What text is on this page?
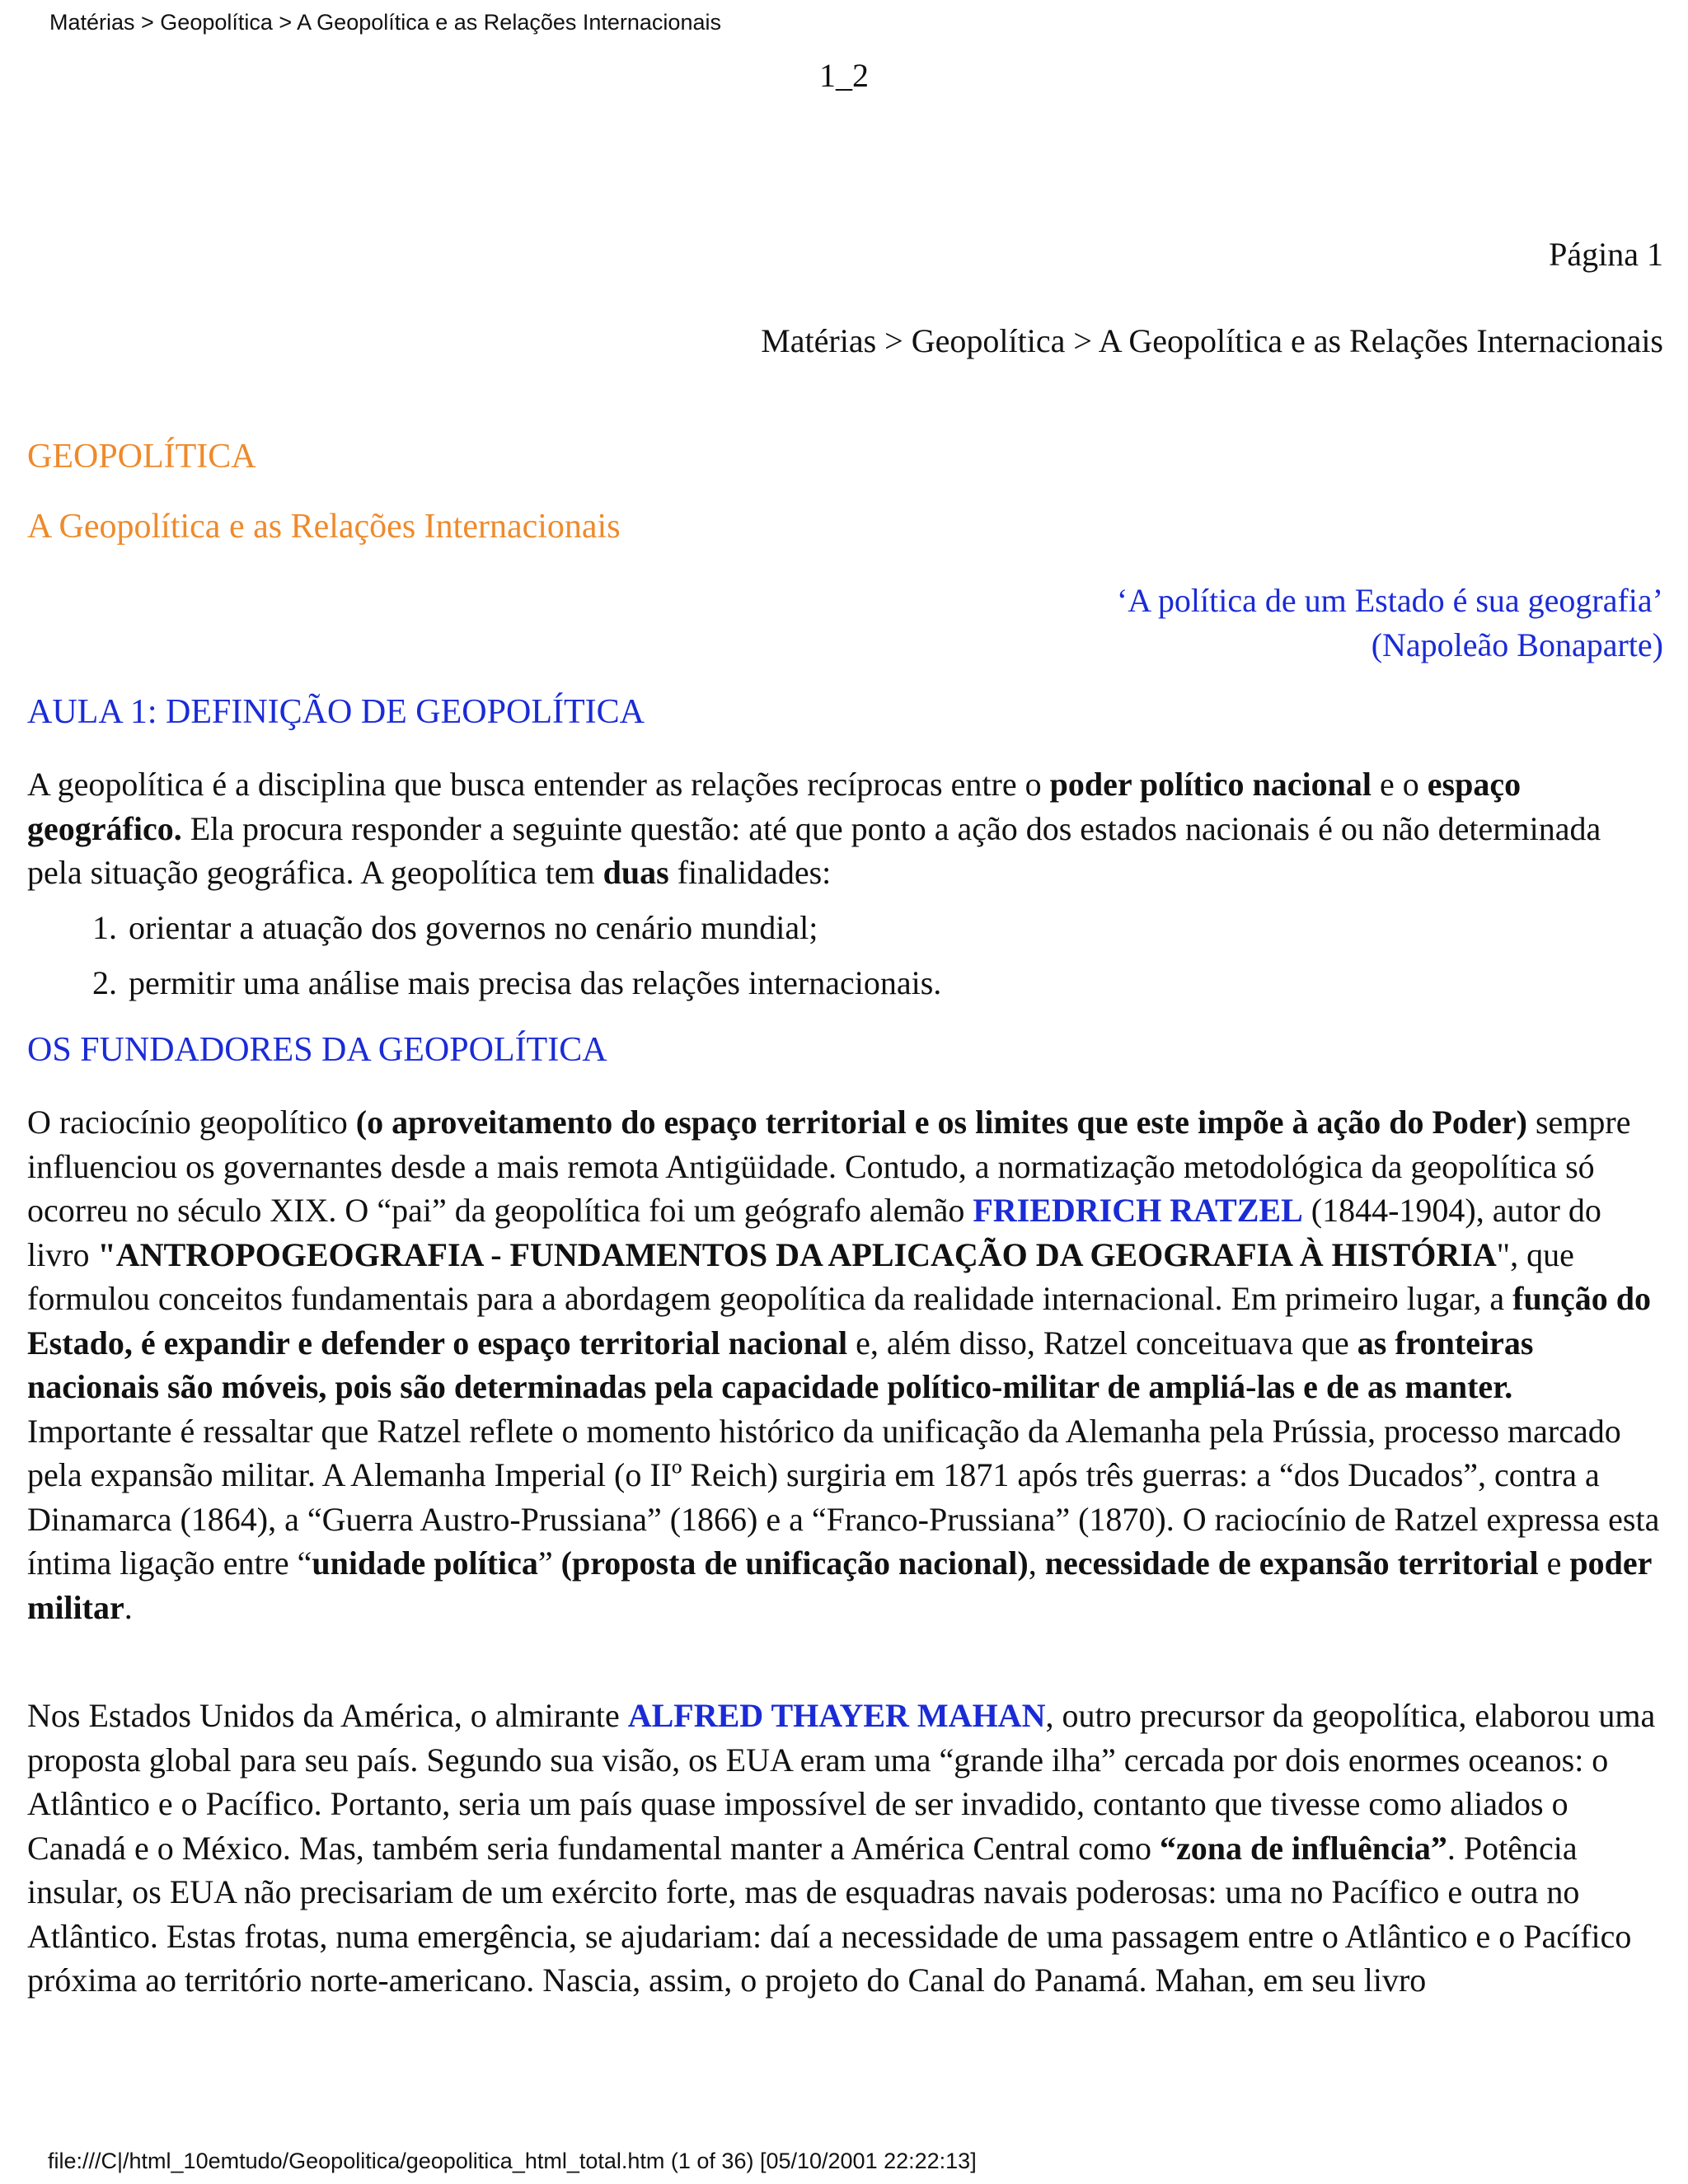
Matérias > Geopolítica > A Geopolítica e as Relações Internacionais
1_2
Página 1
Matérias > Geopolítica > A Geopolítica e as Relações Internacionais
GEOPOLÍTICA
A Geopolítica e as Relações Internacionais
‘A política de um Estado é sua geografia’
(Napoleão Bonaparte)
AULA 1: DEFINIÇÃO DE GEOPOLÍTICA
A geopolítica é a disciplina que busca entender as relações recíprocas entre o poder político nacional e o espaço geográfico. Ela procura responder a seguinte questão: até que ponto a ação dos estados nacionais é ou não determinada pela situação geográfica. A geopolítica tem duas finalidades:
1. orientar a atuação dos governos no cenário mundial;
2. permitir uma análise mais precisa das relações internacionais.
OS FUNDADORES DA GEOPOLÍTICA
O raciocínio geopolítico (o aproveitamento do espaço territorial e os limites que este impõe à ação do Poder) sempre influenciou os governantes desde a mais remota Antigüidade. Contudo, a normatização metodológica da geopolítica só ocorreu no século XIX. O “pai” da geopolítica foi um geógrafo alemão FRIEDRICH RATZEL (1844-1904), autor do livro "ANTROPOGEOGRAFIA - FUNDAMENTOS DA APLICAÇÃO DA GEOGRAFIA À HISTÓRIA", que formulou conceitos fundamentais para a abordagem geopolítica da realidade internacional. Em primeiro lugar, a função do Estado, é expandir e defender o espaço territorial nacional e, além disso, Ratzel conceituava que as fronteiras nacionais são móveis, pois são determinadas pela capacidade político-militar de ampliá-las e de as manter. Importante é ressaltar que Ratzel reflete o momento histórico da unificação da Alemanha pela Prússia, processo marcado pela expansão militar. A Alemanha Imperial (o IIº Reich) surgiria em 1871 após três guerras: a “dos Ducados”, contra a Dinamarca (1864), a “Guerra Austro-Prussiana” (1866) e a “Franco-Prussiana” (1870). O raciocínio de Ratzel expressa esta íntima ligação entre “unidade política” (proposta de unificação nacional), necessidade de expansão territorial e poder militar.
Nos Estados Unidos da América, o almirante ALFRED THAYER MAHAN, outro precursor da geopolítica, elaborou uma proposta global para seu país. Segundo sua visão, os EUA eram uma “grande ilha” cercada por dois enormes oceanos: o Atlântico e o Pacífico. Portanto, seria um país quase impossível de ser invadido, contanto que tivesse como aliados o Canadá e o México. Mas, também seria fundamental manter a América Central como “zona de influência”. Potência insular, os EUA não precisariam de um exército forte, mas de esquadras navais poderosas: uma no Pacífico e outra no Atlântico. Estas frotas, numa emergência, se ajudariam: daí a necessidade de uma passagem entre o Atlântico e o Pacífico próxima ao território norte-americano. Nascia, assim, o projeto do Canal do Panamá. Mahan, em seu livro
file:///C|/html_10emtudo/Geopolitica/geopolitica_html_total.htm (1 of 36) [05/10/2001 22:22:13]
